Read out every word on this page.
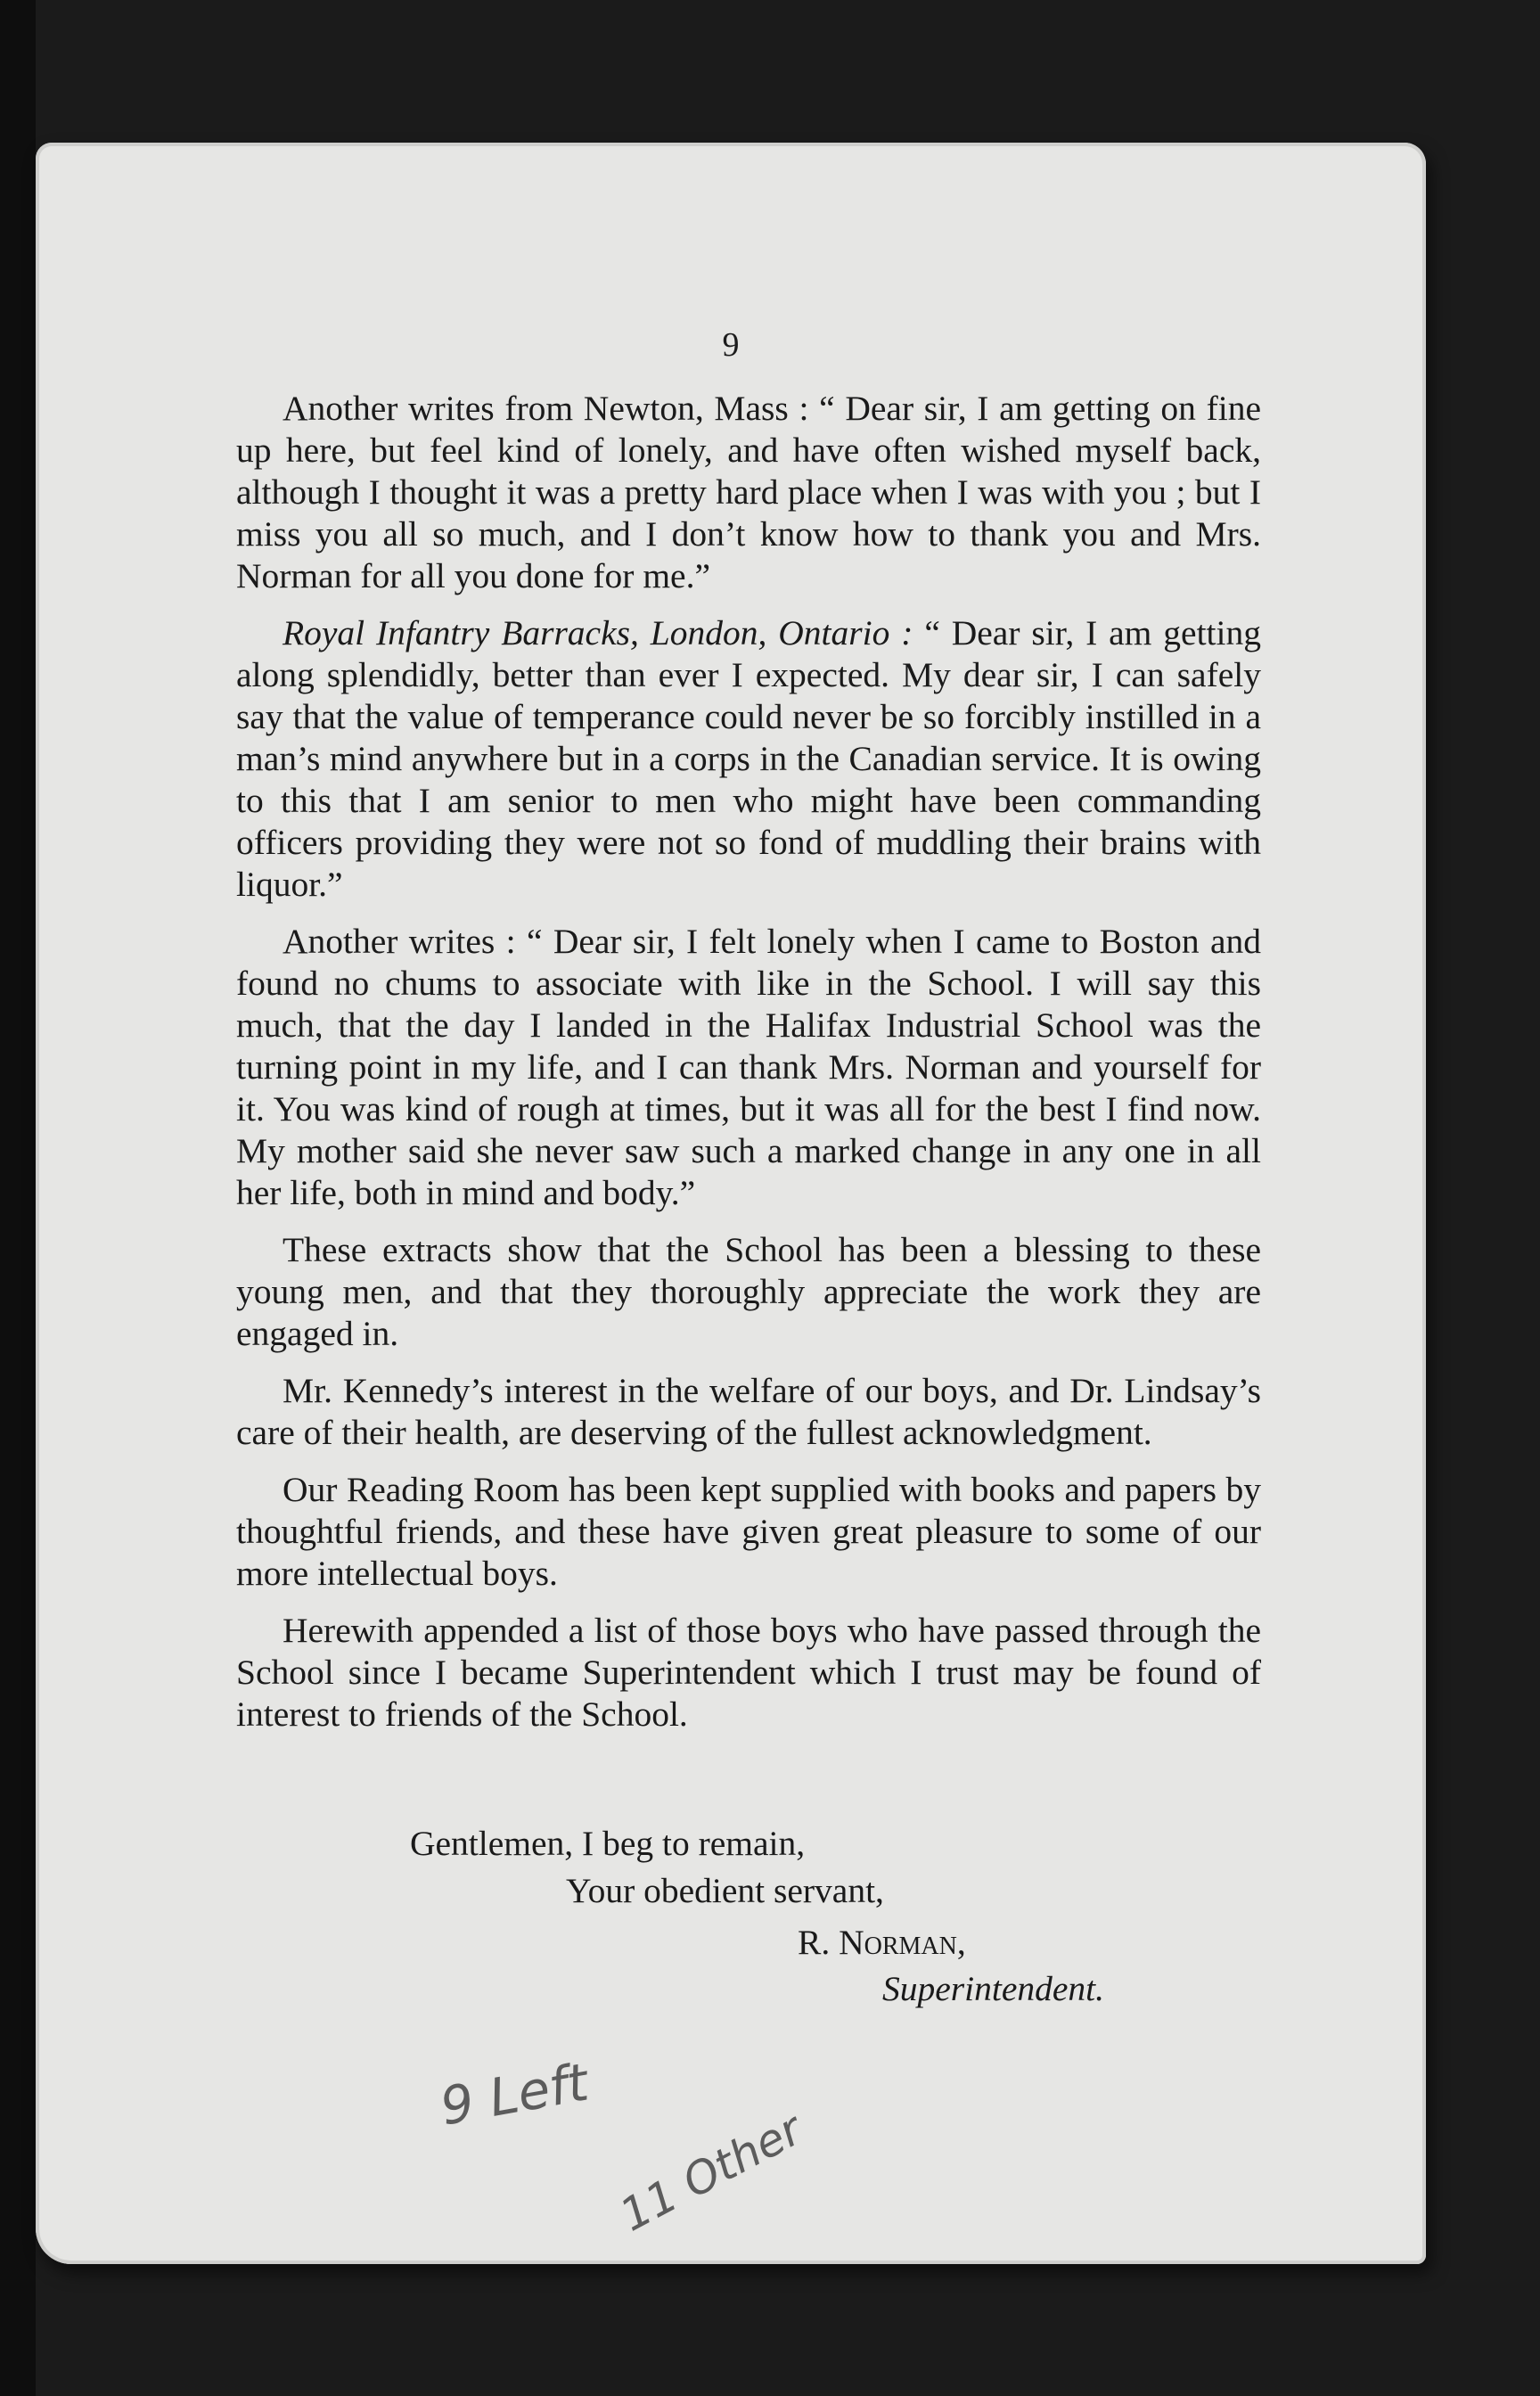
9

Another writes from Newton, Mass : “ Dear sir, I am getting on fine up here, but feel kind of lonely, and have often wished myself back, although I thought it was a pretty hard place when I was with you ; but I miss you all so much, and I don’t know how to thank you and Mrs. Norman for all you done for me.”

Royal Infantry Barracks, London, Ontario : “ Dear sir, I am getting along splendidly, better than ever I expected. My dear sir, I can safely say that the value of temperance could never be so forcibly instilled in a man’s mind anywhere but in a corps in the Canadian service. It is owing to this that I am senior to men who might have been commanding officers providing they were not so fond of muddling their brains with liquor.”

Another writes : “ Dear sir, I felt lonely when I came to Boston and found no chums to associate with like in the School. I will say this much, that the day I landed in the Halifax Industrial School was the turning point in my life, and I can thank Mrs. Norman and yourself for it. You was kind of rough at times, but it was all for the best I find now. My mother said she never saw such a marked change in any one in all her life, both in mind and body.”

These extracts show that the School has been a blessing to these young men, and that they thoroughly appreciate the work they are engaged in.

Mr. Kennedy’s interest in the welfare of our boys, and Dr. Lindsay’s care of their health, are deserving of the fullest acknowledgment.

Our Reading Room has been kept supplied with books and papers by thoughtful friends, and these have given great pleasure to some of our more intellectual boys.

Herewith appended a list of those boys who have passed through the School since I became Superintendent which I trust may be found of interest to friends of the School.

Gentlemen, I beg to remain,
Your obedient servant,
R. Norman,
Superintendent.
9 Left
11 Other
